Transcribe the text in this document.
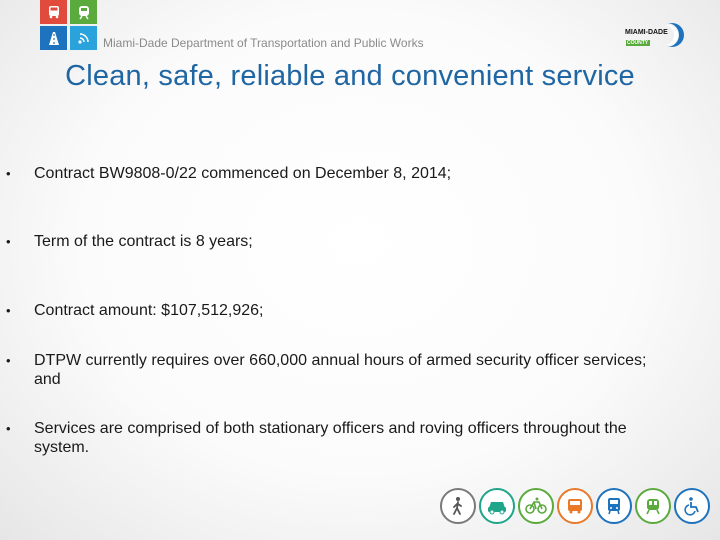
Miami-Dade Department of Transportation and Public Works
MIAMI-DADE
COUNTY
Clean, safe, reliable and convenient service
• Contract BW9808-0/22 commenced on December 8, 2014;
• Term of the contract is 8 years;
• Contract amount: $107,512,926;
• DTPW currently requires over 660,000 annual hours of armed security officer services; and
• Services are comprised of both stationary officers and roving officers throughout the system.
